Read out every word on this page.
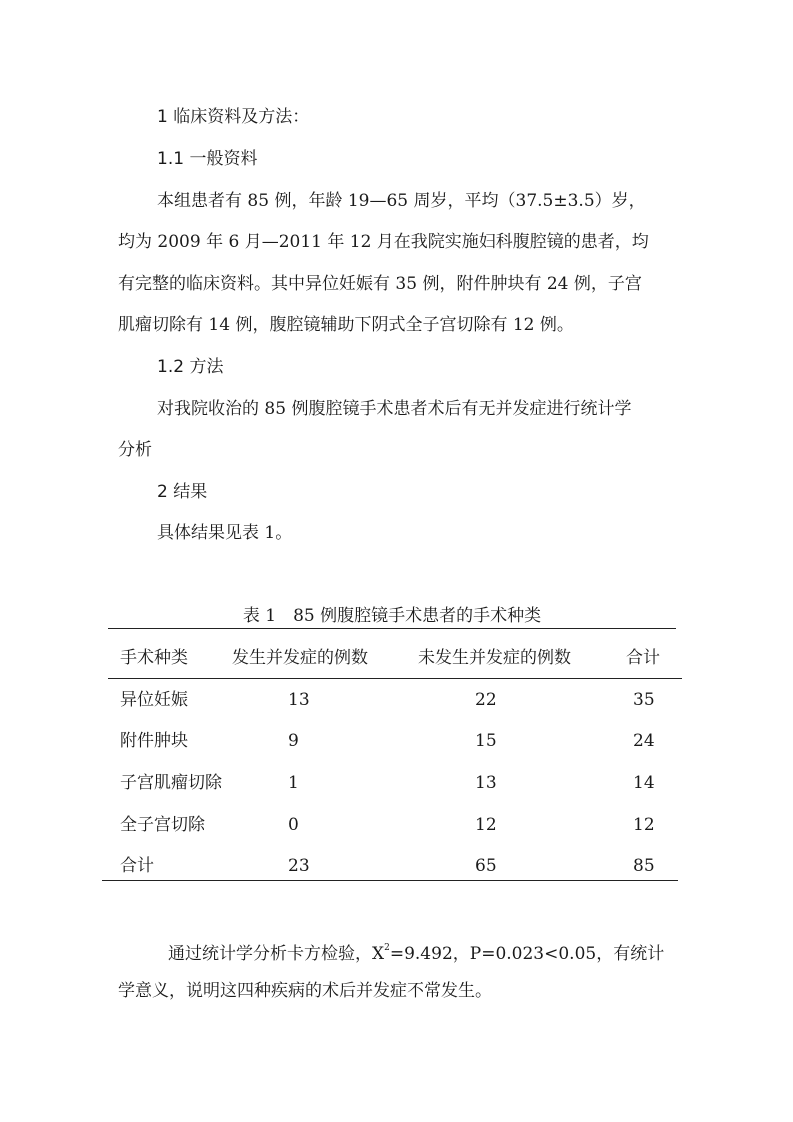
1 临床资料及方法：
1.1 一般资料
本组患者有 85 例，年龄 19—65 周岁，平均（37.5±3.5）岁，
均为 2009 年 6 月—2011 年 12 月在我院实施妇科腹腔镜的患者，均
有完整的临床资料。其中异位妊娠有 35 例，附件肿块有 24 例，子宫
肌瘤切除有 14 例，腹腔镜辅助下阴式全子宫切除有 12 例。
1.2 方法
对我院收治的 85 例腹腔镜手术患者术后有无并发症进行统计学
分析
2 结果
具体结果见表 1。
表 1　85 例腹腔镜手术患者的手术种类
手术种类	发生并发症的例数	未发生并发症的例数	合计
异位妊娠	13	22	35
附件肿块	9	15	24
子宫肌瘤切除	1	13	14
全子宫切除	0	12	12
合计	23	65	85
通过统计学分析卡方检验，$X^2=9.492$，P=0.023<0.05，有统计
学意义，说明这四种疾病的术后并发症不常发生。
